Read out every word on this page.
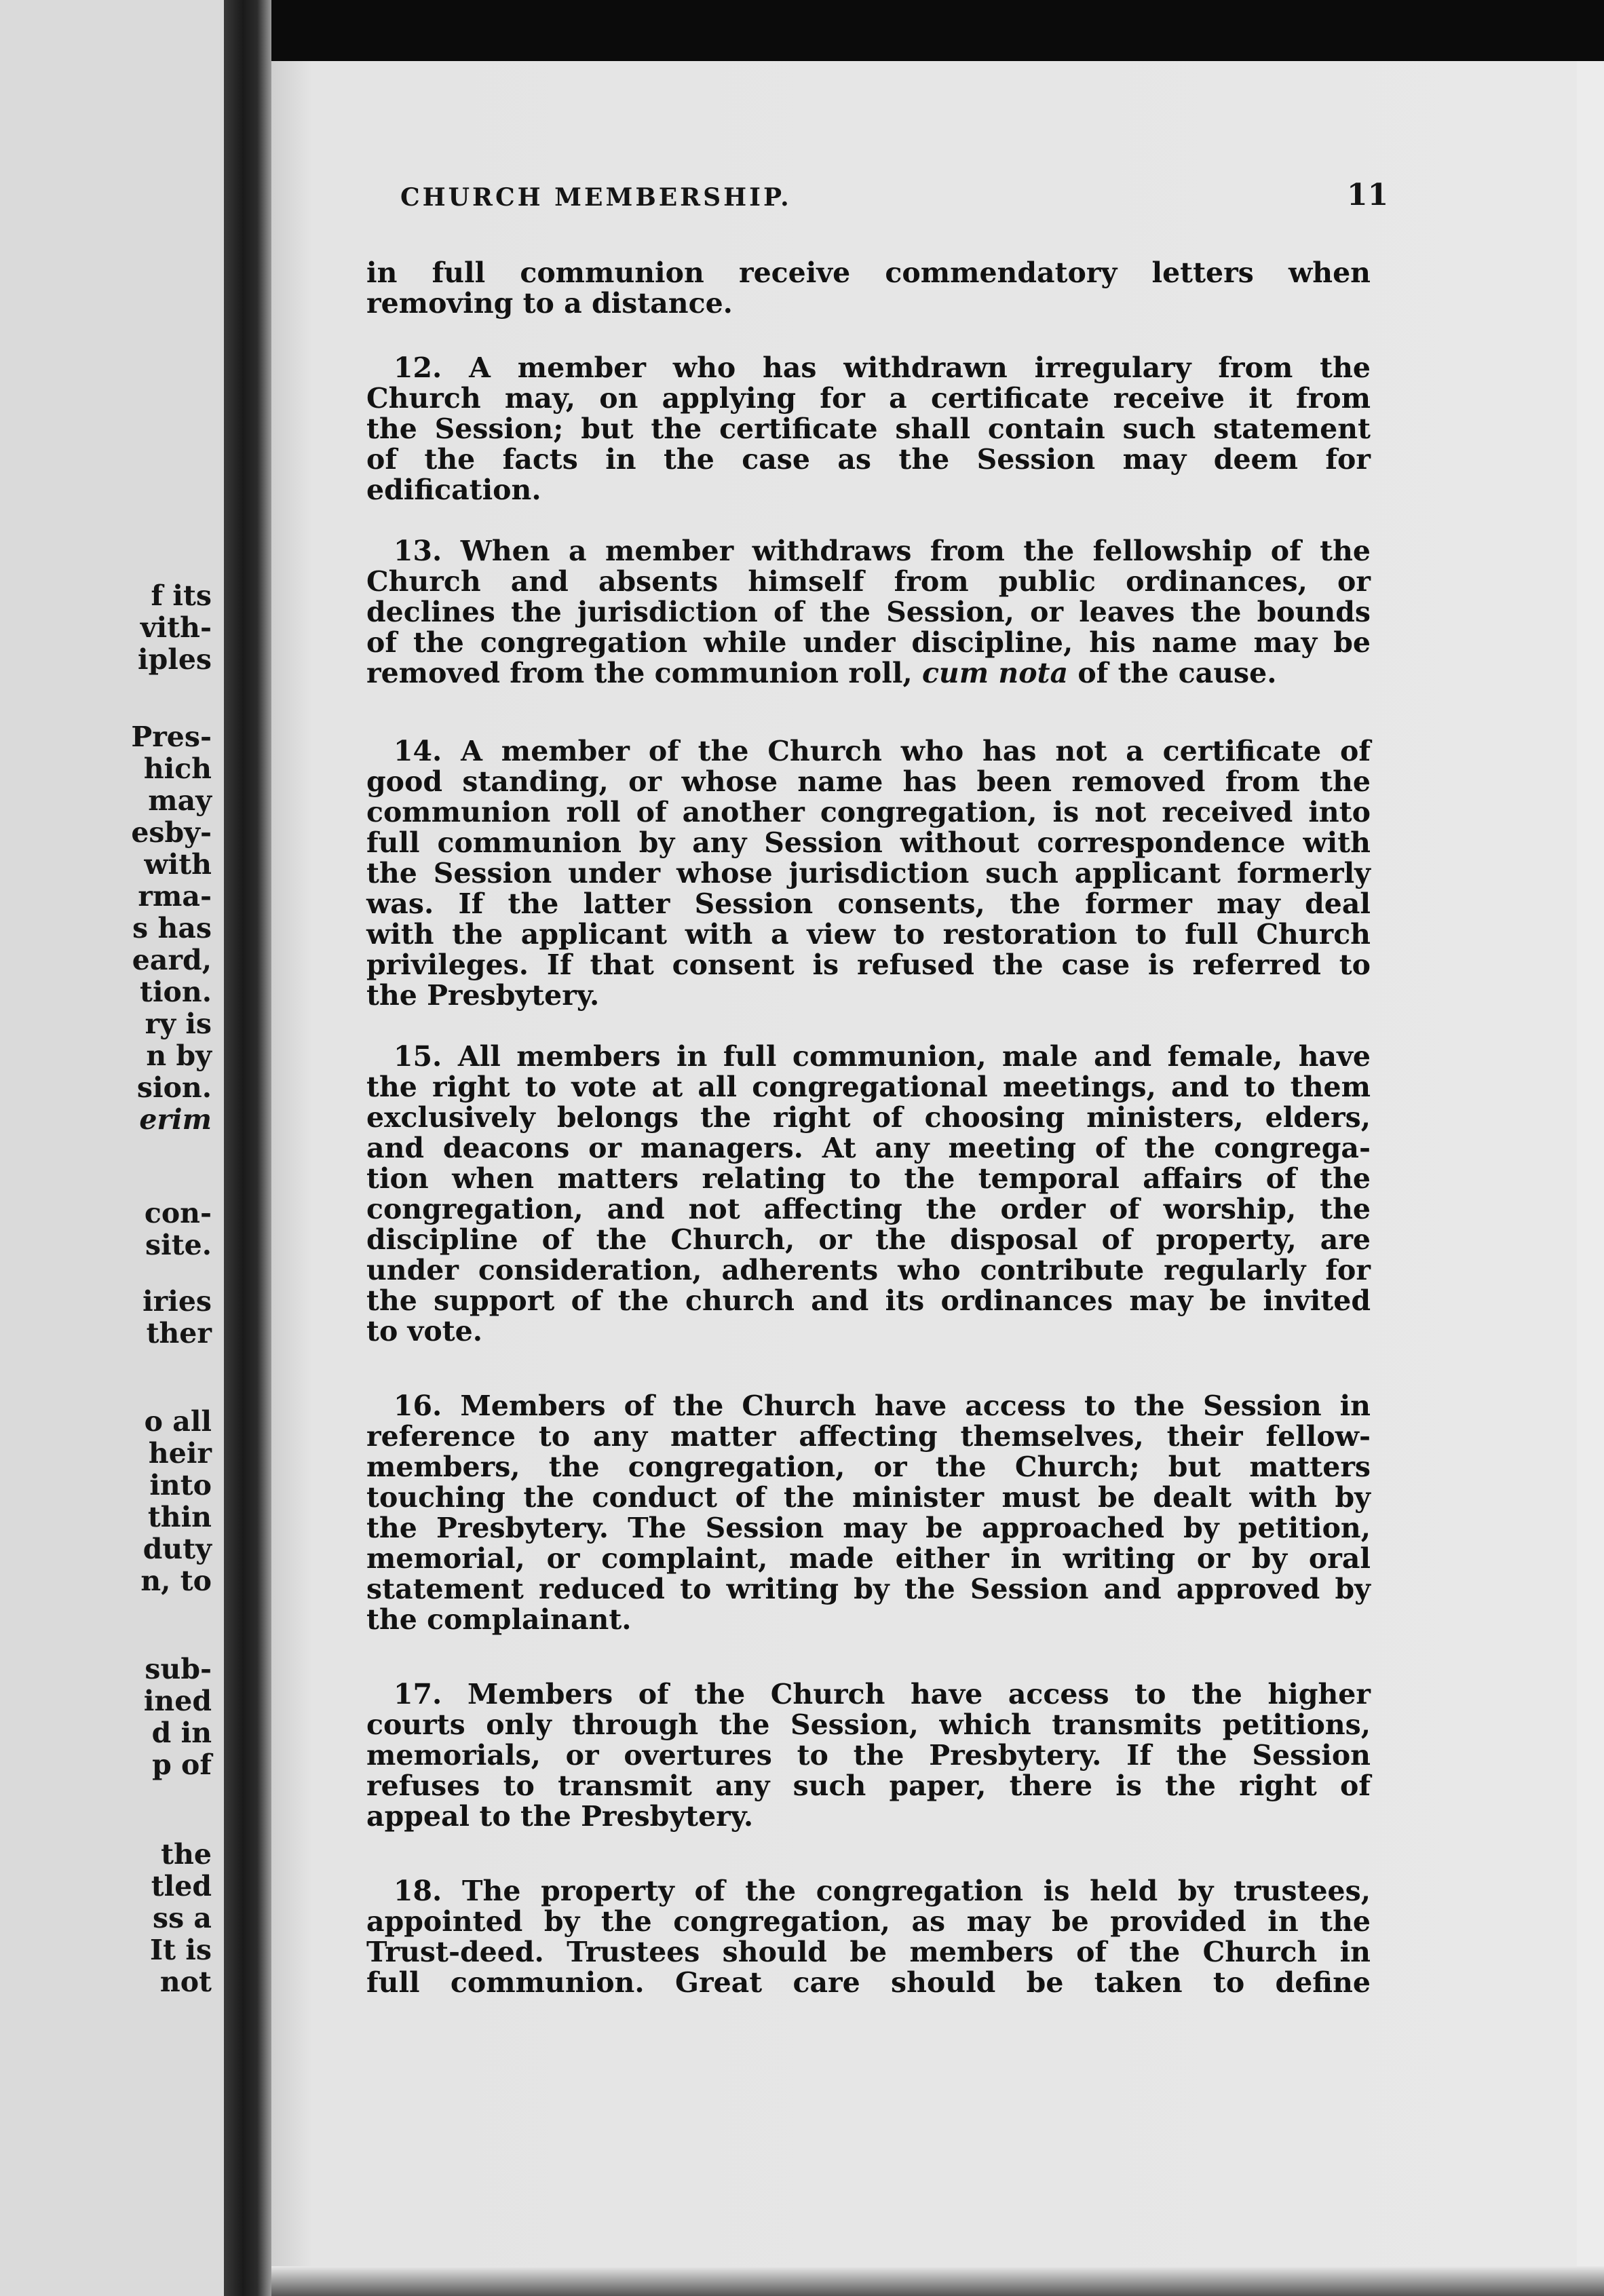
f its
vith-
iples
Pres-
hich
may
esby-
with
rma-
s has
eard,
tion.
ry is
n by
sion.
erim
con-
site.
iries
ther
o all
heir
into
thin
duty
n, to
sub-
ined
d in
p of
the
tled
ss a
It is
not
CHURCH MEMBERSHIP.	11
in full communion receive commendatory letters when
removing to a distance.
12. A member who has withdrawn irregulary from the
Church may, on applying for a certificate receive it from
the Session; but the certificate shall contain such statement
of the facts in the case as the Session may deem for
edification.
13. When a member withdraws from the fellowship of the
Church and absents himself from public ordinances, or
declines the jurisdiction of the Session, or leaves the bounds
of the congregation while under discipline, his name may be
removed from the communion roll, cum nota of the cause.
14. A member of the Church who has not a certificate of
good standing, or whose name has been removed from the
communion roll of another congregation, is not received into
full communion by any Session without correspondence with
the Session under whose jurisdiction such applicant formerly
was. If the latter Session consents, the former may deal
with the applicant with a view to restoration to full Church
privileges. If that consent is refused the case is referred to
the Presbytery.
15. All members in full communion, male and female, have
the right to vote at all congregational meetings, and to them
exclusively belongs the right of choosing ministers, elders,
and deacons or managers. At any meeting of the congrega-
tion when matters relating to the temporal affairs of the
congregation, and not affecting the order of worship, the
discipline of the Church, or the disposal of property, are
under consideration, adherents who contribute regularly for
the support of the church and its ordinances may be invited
to vote.
16. Members of the Church have access to the Session in
reference to any matter affecting themselves, their fellow-
members, the congregation, or the Church; but matters
touching the conduct of the minister must be dealt with by
the Presbytery. The Session may be approached by petition,
memorial, or complaint, made either in writing or by oral
statement reduced to writing by the Session and approved by
the complainant.
17. Members of the Church have access to the higher
courts only through the Session, which transmits petitions,
memorials, or overtures to the Presbytery. If the Session
refuses to transmit any such paper, there is the right of
appeal to the Presbytery.
18. The property of the congregation is held by trustees,
appointed by the congregation, as may be provided in the
Trust-deed. Trustees should be members of the Church in
full communion. Great care should be taken to define
